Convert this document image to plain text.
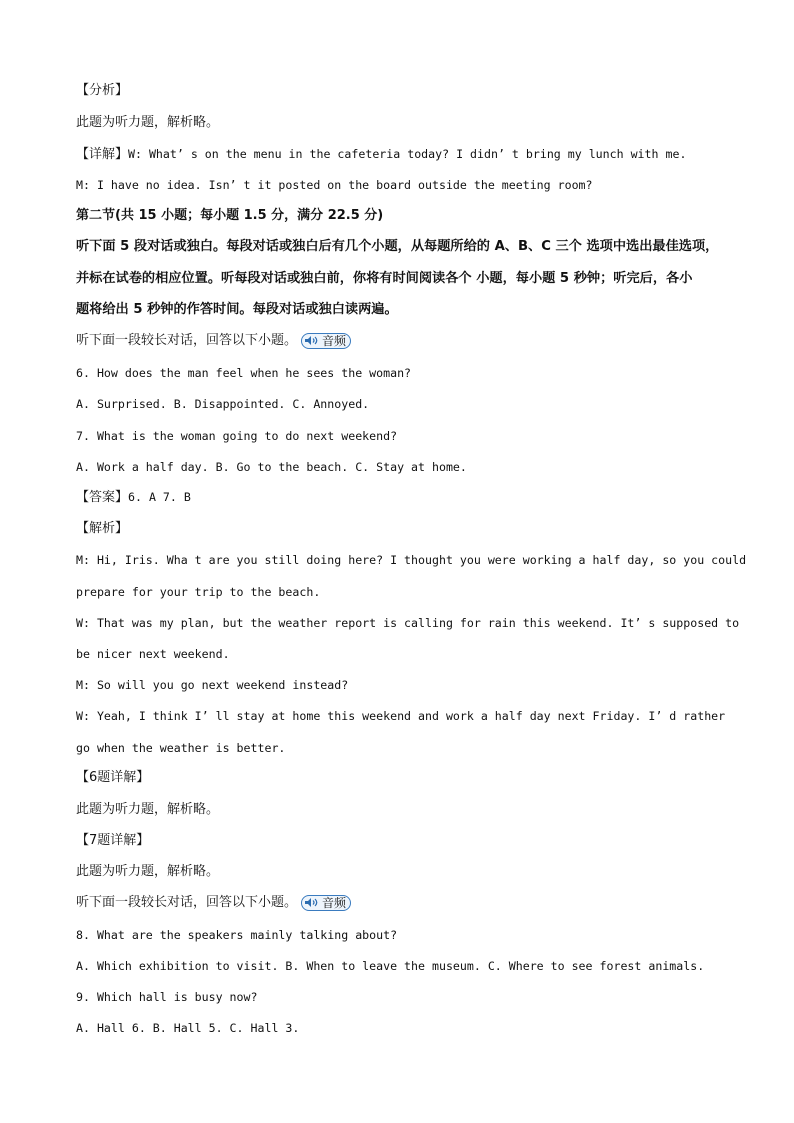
【分析】
此题为听力题，解析略。
【详解】W: What’ s on the menu in the cafeteria today? I didn’ t bring my lunch with me.
M: I have no idea. Isn’ t it posted on the board outside the meeting room?
第二节(共 15 小题；每小题 1.5 分，满分 22.5 分)
听下面 5 段对话或独白。每段对话或独白后有几个小题，从每题所给的 A、B、C 三个 选项中选出最佳选项，
并标在试卷的相应位置。听每段对话或独白前，你将有时间阅读各个 小题，每小题 5 秒钟；听完后，各小
题将给出 5 秒钟的作答时间。每段对话或独白读两遍。
听下面一段较长对话，回答以下小题。 音频
6. How does the man feel when he sees the woman?
A. Surprised. B. Disappointed. C. Annoyed.
7. What is the woman going to do next weekend?
A. Work a half day. B. Go to the beach. C. Stay at home.
【答案】6. A 7. B
【解析】
M: Hi, Iris. Wha t are you still doing here? I thought you were working a half day, so you could
prepare for your trip to the beach.
W: That was my plan, but the weather report is calling for rain this weekend. It’ s supposed to
be nicer next weekend.
M: So will you go next weekend instead?
W: Yeah, I think I’ ll stay at home this weekend and work a half day next Friday. I’ d rather
go when the weather is better.
【6题详解】
此题为听力题，解析略。
【7题详解】
此题为听力题，解析略。
听下面一段较长对话，回答以下小题。 音频
8. What are the speakers mainly talking about?
A. Which exhibition to visit. B. When to leave the museum. C. Where to see forest animals.
9. Which hall is busy now?
A. Hall 6. B. Hall 5. C. Hall 3.
